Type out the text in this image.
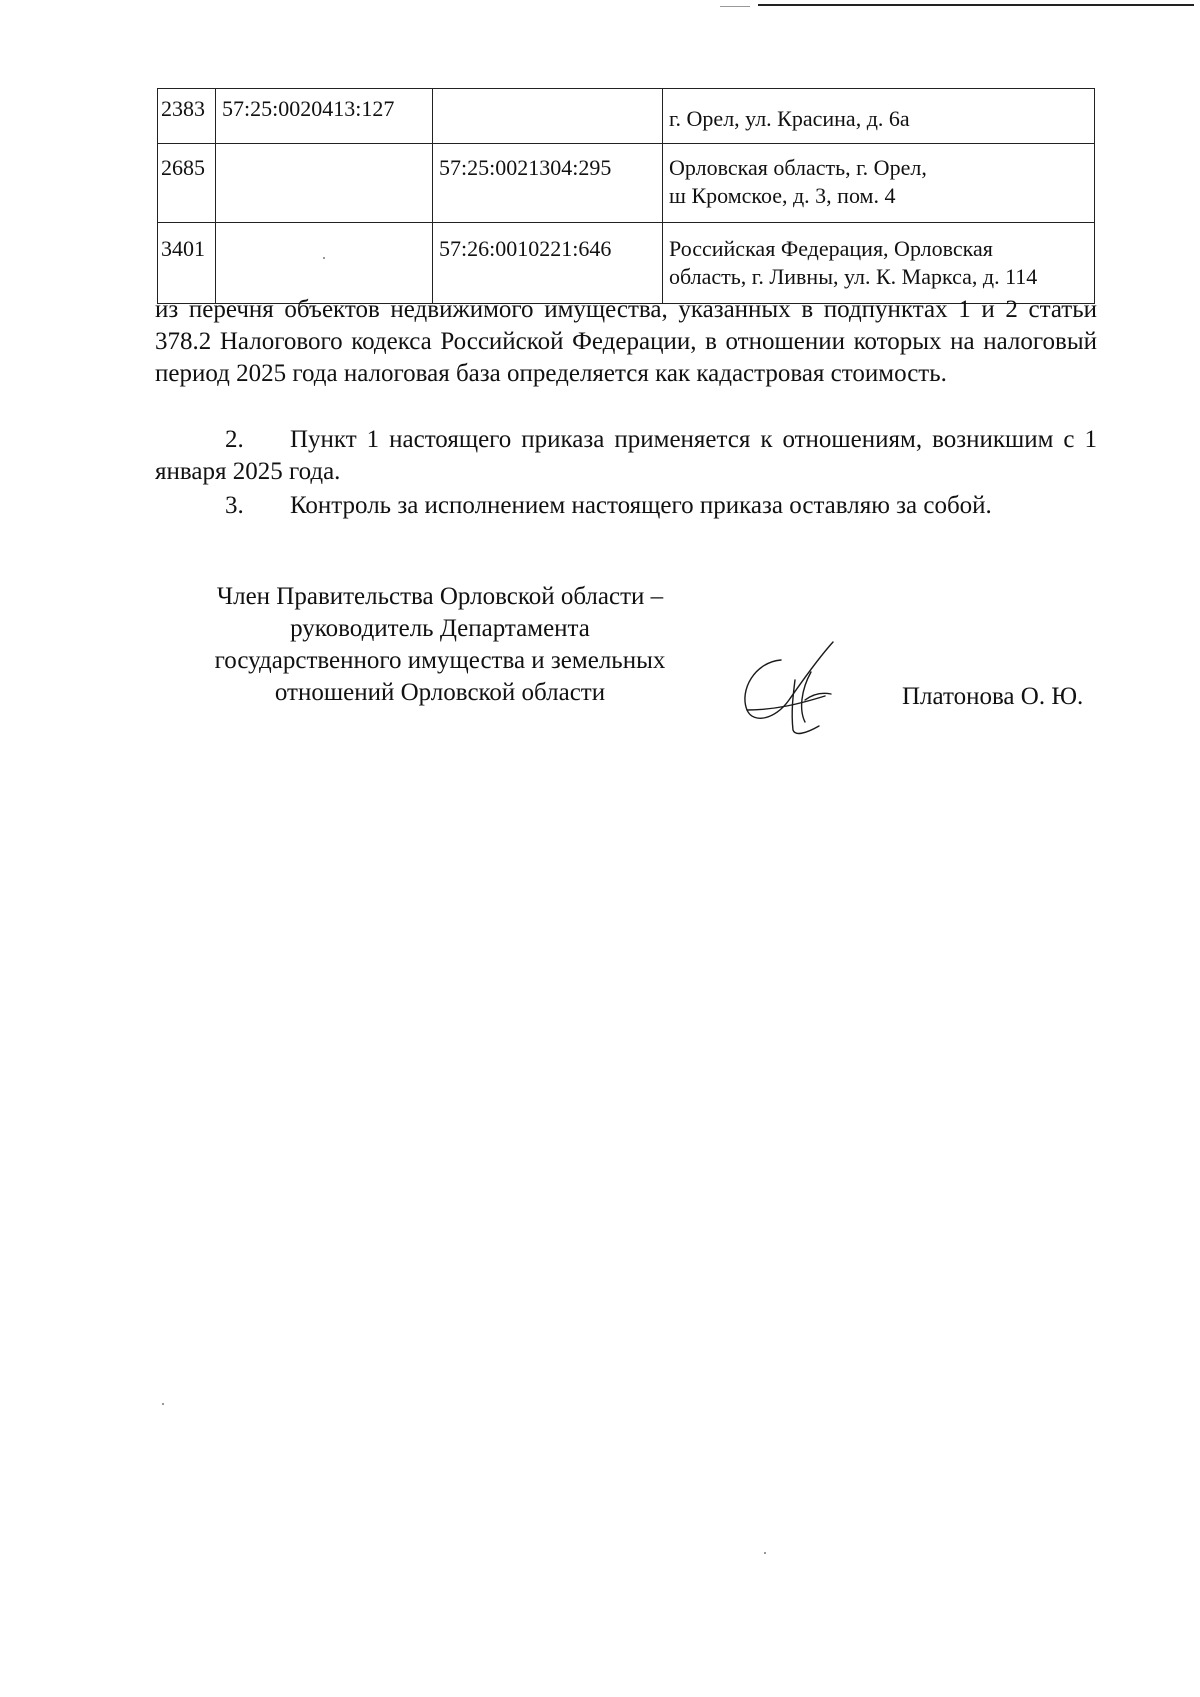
2383	57:25:0020413:127		г. Орел, ул. Красина, д. 6а

2685		57:25:0021304:295	Орловская область, г. Орел,
ш Кромское, д. 3, пом. 4

3401		57:26:0010221:646	Российская Федерация, Орловская
область, г. Ливны, ул. К. Маркса, д. 114

из перечня объектов недвижимого имущества, указанных в подпунктах 1 и 2 статьи 378.2 Налогового кодекса Российской Федерации, в отношении которых на налоговый период 2025 года налоговая база определяется как кадастровая стоимость.

2. Пункт 1 настоящего приказа применяется к отношениям, возникшим с 1 января 2025 года.

3. Контроль за исполнением настоящего приказа оставляю за собой.

Член Правительства Орловской области –
руководитель Департамента
государственного имущества и земельных
отношений Орловской области	Платонова О. Ю.
